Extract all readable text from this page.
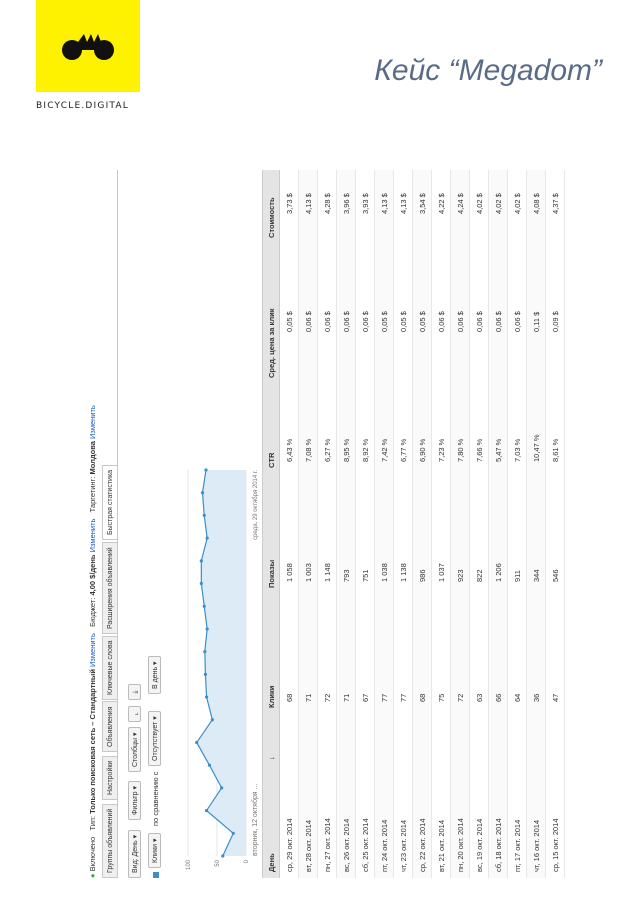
BICYCLE.DIGITAL
Кейс “Megadom”
● Включено   Тип: Только поисковая сеть – Стандартный Изменить   Бюджет: 4,00 $/день Изменить   Таргетинг: Молдова Изменить
Группы объявлений
Настройки
Объявления
Ключевые слова
Расширения объявлений
Быстрая статистика
Вид: День ▾
Фильтр ▾
Столбцы ▾
⌞
⤓
Клики ▾
по сравнению с
Отсутствует ▾
В день ▾
0
50
100
вторник, 12 октября ...
среда, 29 октября 2014 г.
День
↓
Клики
Показы
CTR
Сред. цена за клик
Стоимость
ср, 29 окт. 2014
68
1 058
6,43 %
0,05 $
3,73 $
вт, 28 окт. 2014
71
1 003
7,08 %
0,06 $
4,13 $
пн, 27 окт. 2014
72
1 148
6,27 %
0,06 $
4,28 $
вс, 26 окт. 2014
71
793
8,95 %
0,06 $
3,96 $
сб, 25 окт. 2014
67
751
8,92 %
0,06 $
3,93 $
пт, 24 окт. 2014
77
1 038
7,42 %
0,05 $
4,13 $
чт, 23 окт. 2014
77
1 138
6,77 %
0,05 $
4,13 $
ср, 22 окт. 2014
68
986
6,90 %
0,05 $
3,54 $
вт, 21 окт. 2014
75
1 037
7,23 %
0,06 $
4,22 $
пн, 20 окт. 2014
72
923
7,80 %
0,06 $
4,24 $
вс, 19 окт. 2014
63
822
7,66 %
0,06 $
4,02 $
сб, 18 окт. 2014
66
1 206
5,47 %
0,06 $
4,02 $
пт, 17 окт. 2014
64
911
7,03 %
0,06 $
4,02 $
чт, 16 окт. 2014
36
344
10,47 %
0,11 $
4,08 $
ср, 15 окт. 2014
47
546
8,61 %
0,09 $
4,37 $
